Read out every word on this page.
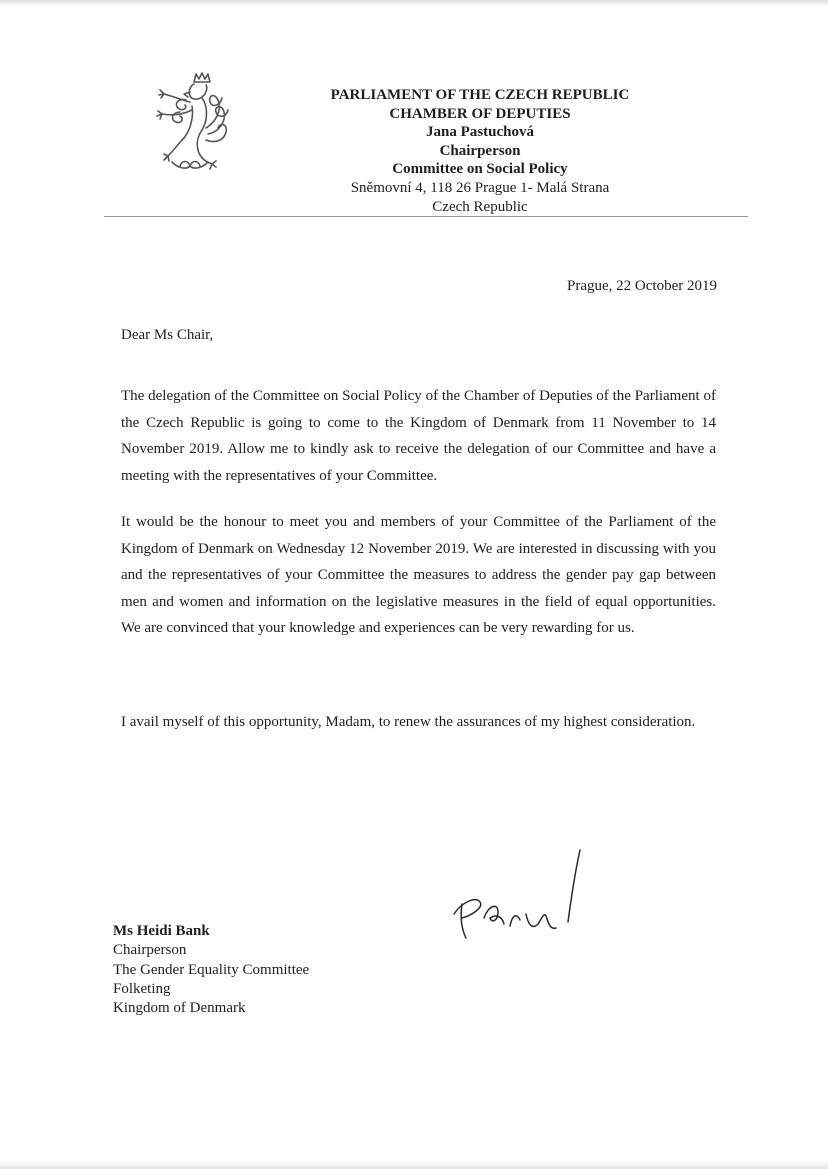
PARLIAMENT OF THE CZECH REPUBLIC
CHAMBER OF DEPUTIES
Jana Pastuchová
Chairperson
Committee on Social Policy
Sněmovní 4, 118 26 Prague 1- Malá Strana
Czech Republic
Prague, 22 October 2019
Dear Ms Chair,

The delegation of the Committee on Social Policy of the Chamber of Deputies of the Parliament of the Czech Republic is going to come to the Kingdom of Denmark from 11 November to 14 November 2019. Allow me to kindly ask to receive the delegation of our Committee and have a meeting with the representatives of your Committee.

It would be the honour to meet you and members of your Committee of the Parliament of the Kingdom of Denmark on Wednesday 12 November 2019. We are interested in discussing with you and the representatives of your Committee the measures to address the gender pay gap between men and women and information on the legislative measures in the field of equal opportunities. We are convinced that your knowledge and experiences can be very rewarding for us.

I avail myself of this opportunity, Madam, to renew the assurances of my highest consideration.

Ms Heidi Bank
Chairperson
The Gender Equality Committee
Folketing
Kingdom of Denmark
